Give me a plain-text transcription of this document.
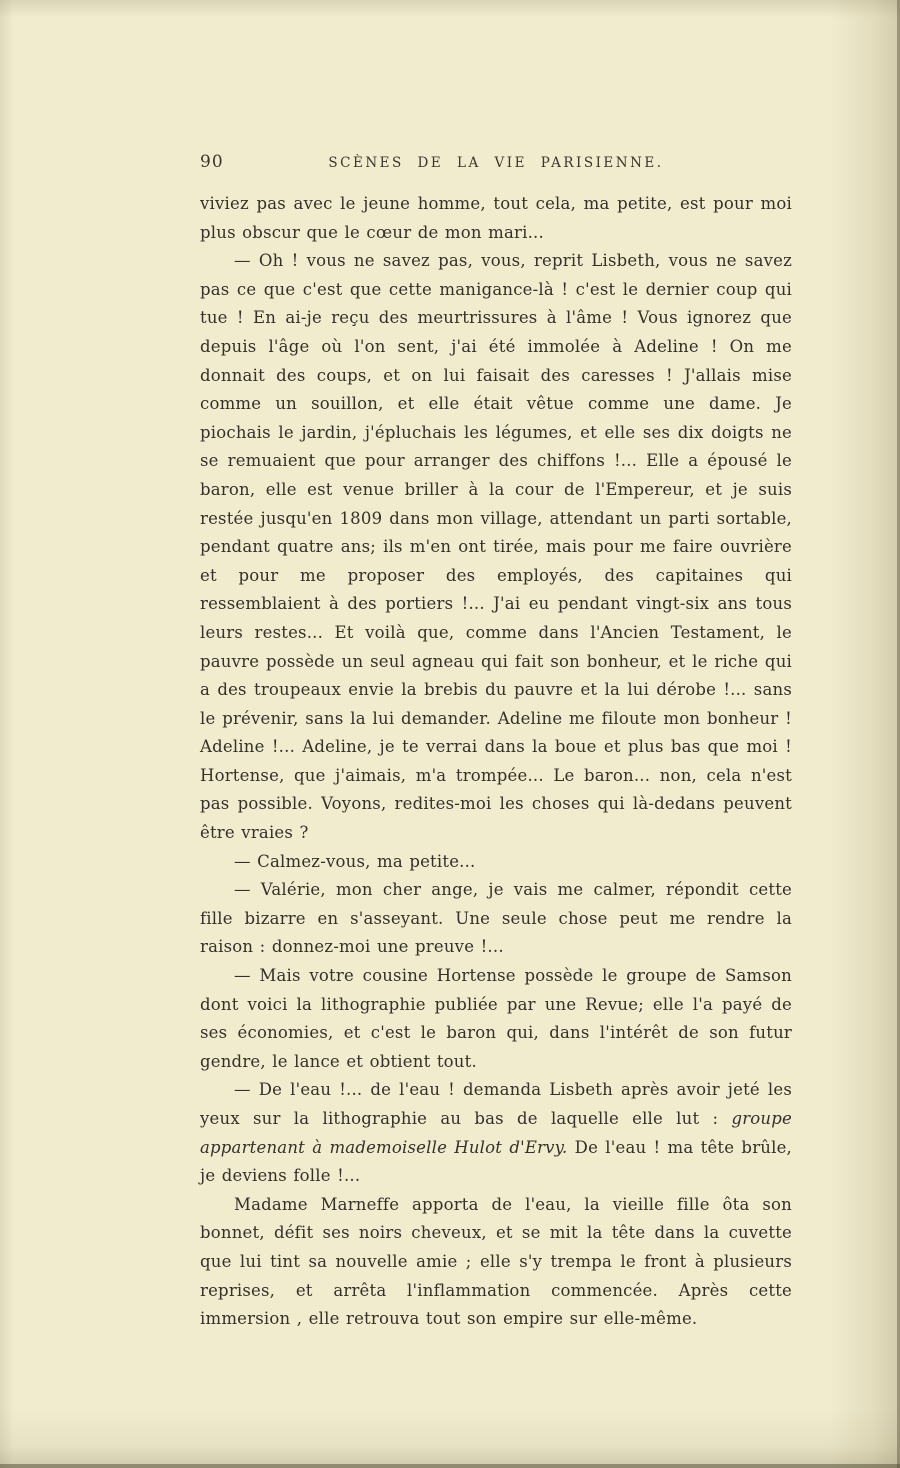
90	SCÈNES DE LA VIE PARISIENNE.

viviez pas avec le jeune homme, tout cela, ma petite, est pour moi plus obscur que le cœur de mon mari...

— Oh ! vous ne savez pas, vous, reprit Lisbeth, vous ne savez pas ce que c'est que cette manigance-là ! c'est le dernier coup qui tue ! En ai-je reçu des meurtrissures à l'âme ! Vous ignorez que depuis l'âge où l'on sent, j'ai été immolée à Adeline ! On me donnait des coups, et on lui faisait des caresses ! J'allais mise comme un souillon, et elle était vêtue comme une dame. Je piochais le jardin, j'épluchais les légumes, et elle ses dix doigts ne se remuaient que pour arranger des chiffons !... Elle a épousé le baron, elle est venue briller à la cour de l'Empereur, et je suis restée jusqu'en 1809 dans mon village, attendant un parti sortable, pendant quatre ans; ils m'en ont tirée, mais pour me faire ouvrière et pour me proposer des employés, des capitaines qui ressemblaient à des portiers !... J'ai eu pendant vingt-six ans tous leurs restes... Et voilà que, comme dans l'Ancien Testament, le pauvre possède un seul agneau qui fait son bonheur, et le riche qui a des troupeaux envie la brebis du pauvre et la lui dérobe !... sans le prévenir, sans la lui demander. Adeline me filoute mon bonheur ! Adeline !... Adeline, je te verrai dans la boue et plus bas que moi ! Hortense, que j'aimais, m'a trompée... Le baron... non, cela n'est pas possible. Voyons, redites-moi les choses qui là-dedans peuvent être vraies ?

— Calmez-vous, ma petite...

— Valérie, mon cher ange, je vais me calmer, répondit cette fille bizarre en s'asseyant. Une seule chose peut me rendre la raison : donnez-moi une preuve !...

— Mais votre cousine Hortense possède le groupe de Samson dont voici la lithographie publiée par une Revue; elle l'a payé de ses économies, et c'est le baron qui, dans l'intérêt de son futur gendre, le lance et obtient tout.

— De l'eau !... de l'eau ! demanda Lisbeth après avoir jeté les yeux sur la lithographie au bas de laquelle elle lut : groupe appartenant à mademoiselle Hulot d'Ervy. De l'eau ! ma tête brûle, je deviens folle !...

Madame Marneffe apporta de l'eau, la vieille fille ôta son bonnet, défit ses noirs cheveux, et se mit la tête dans la cuvette que lui tint sa nouvelle amie ; elle s'y trempa le front à plusieurs reprises, et arrêta l'inflammation commencée. Après cette immersion , elle retrouva tout son empire sur elle-même.
